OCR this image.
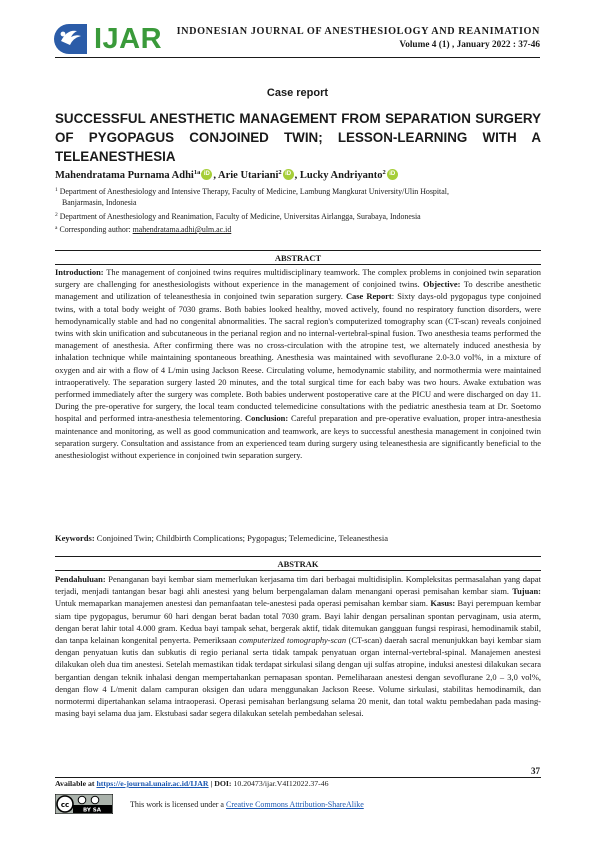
IJAR INDONESIAN JOURNAL OF ANESTHESIOLOGY AND REANIMATION
Volume 4 (1) , January 2022 : 37-46
Case report
SUCCESSFUL ANESTHETIC MANAGEMENT FROM SEPARATION SURGERY OF PYGOPAGUS CONJOINED TWIN; LESSON-LEARNING WITH A TELEANESTHESIA
Mahendratama Purnama Adhi$^{1a}$ iD , Arie Utariani$^2$ iD , Lucky Andriyanto$^2$ iD
$^1$ Department of Anesthesiology and Intensive Therapy, Faculty of Medicine, Lambung Mangkurat University/Ulin Hospital,
Banjarmasin, Indonesia
$^2$ Department of Anesthesiology and Reanimation, Faculty of Medicine, Universitas Airlangga, Surabaya, Indonesia
$^a$ Corresponding author: mahendratama.adhi@ulm.ac.id
ABSTRACT

Introduction: The management of conjoined twins requires multidisciplinary teamwork. The complex problems in conjoined twin separation surgery are challenging for anesthesiologists without experience in the management of conjoined twins. Objective: To describe anesthetic management and utilization of teleanesthesia in conjoined twin separation surgery. Case Report: Sixty days-old pygopagus type conjoined twins, with a total body weight of 7030 grams. Both babies looked healthy, moved actively, found no respiratory function disorders, were hemodynamically stable and had no congenital abnormalities. The sacral region's computerized tomography scan (CT-scan) reveals conjoined twins with skin unification and subcutaneous in the perianal region and no internal-vertebral-spinal fusion. Two anesthesia teams performed the management of anesthesia. After confirming there was no cross-circulation with the atropine test, we alternately induced anesthesia by inhalation technique while maintaining spontaneous breathing. Anesthesia was maintained with sevoflurane 2.0-3.0 vol%, in a mixture of oxygen and air with a flow of 4 L/min using Jackson Reese. Circulating volume, hemodynamic stability, and normothermia were maintained intraoperatively. The separation surgery lasted 20 minutes, and the total surgical time for each baby was two hours. Awake extubation was performed immediately after the surgery was complete. Both babies underwent postoperative care at the PICU and were discharged on day 11. During the pre-operative for surgery, the local team conducted telemedicine consultations with the pediatric anesthesia team at Dr. Soetomo hospital and performed intra-anesthesia telementoring. Conclusion: Careful preparation and pre-operative evaluation, proper intra-anesthesia maintenance and monitoring, as well as good communication and teamwork, are keys to successful anesthesia management in conjoined twin separation surgery. Consultation and assistance from an experienced team during surgery using teleanesthesia are significantly beneficial to the anesthesiologist without experience in conjoined twin separation surgery.

Keywords: Conjoined Twin; Childbirth Complications; Pygopagus; Telemedicine, Teleanesthesia
ABSTRAK

Pendahuluan: Penanganan bayi kembar siam memerlukan kerjasama tim dari berbagai multidisiplin. Kompleksitas permasalahan yang dapat terjadi, menjadi tantangan besar bagi ahli anestesi yang belum berpengalaman dalam menangani operasi pemisahan kembar siam. Tujuan: Untuk memaparkan manajemen anestesi dan pemanfaatan tele-anestesi pada operasi pemisahan kembar siam. Kasus: Bayi perempuan kembar siam tipe pygopagus, berumur 60 hari dengan berat badan total 7030 gram. Bayi lahir dengan persalinan spontan pervaginam, usia aterm, dengan berat lahir total 4.000 gram. Kedua bayi tampak sehat, bergerak aktif, tidak ditemukan gangguan fungsi respirasi, hemodinamik stabil, dan tanpa kelainan kongenital penyerta. Pemeriksaan computerized tomography-scan (CT-scan) daerah sacral menunjukkan bayi kembar siam dengan penyatuan kutis dan subkutis di regio perianal serta tidak tampak penyatuan organ internal-vertebral-spinal. Manajemen anestesi dilakukan oleh dua tim anestesi. Setelah memastikan tidak terdapat sirkulasi silang dengan uji sulfas atropine, induksi anestesi dilakukan secara bergantian dengan teknik inhalasi dengan mempertahankan pernapasan spontan. Pemeliharaan anestesi dengan sevoflurane 2,0 – 3,0 vol%, dengan flow 4 L/menit dalam campuran oksigen dan udara menggunakan Jackson Reese. Volume sirkulasi, stabilitas hemodinamik, dan normotermi dipertahankan selama intraoperasi. Operasi pemisahan berlangsung selama 20 menit, dan total waktu pembedahan pada masing-masing bayi selama dua jam. Ekstubasi sadar segera dilakukan setelah pembedahan selesai.

37
Available at https://e-journal.unair.ac.id/IJAR | DOI: 10.20473/ijar.V4I12022.37-46
cc
BY SA
This work is licensed under a Creative Commons Attribution-ShareAlike
